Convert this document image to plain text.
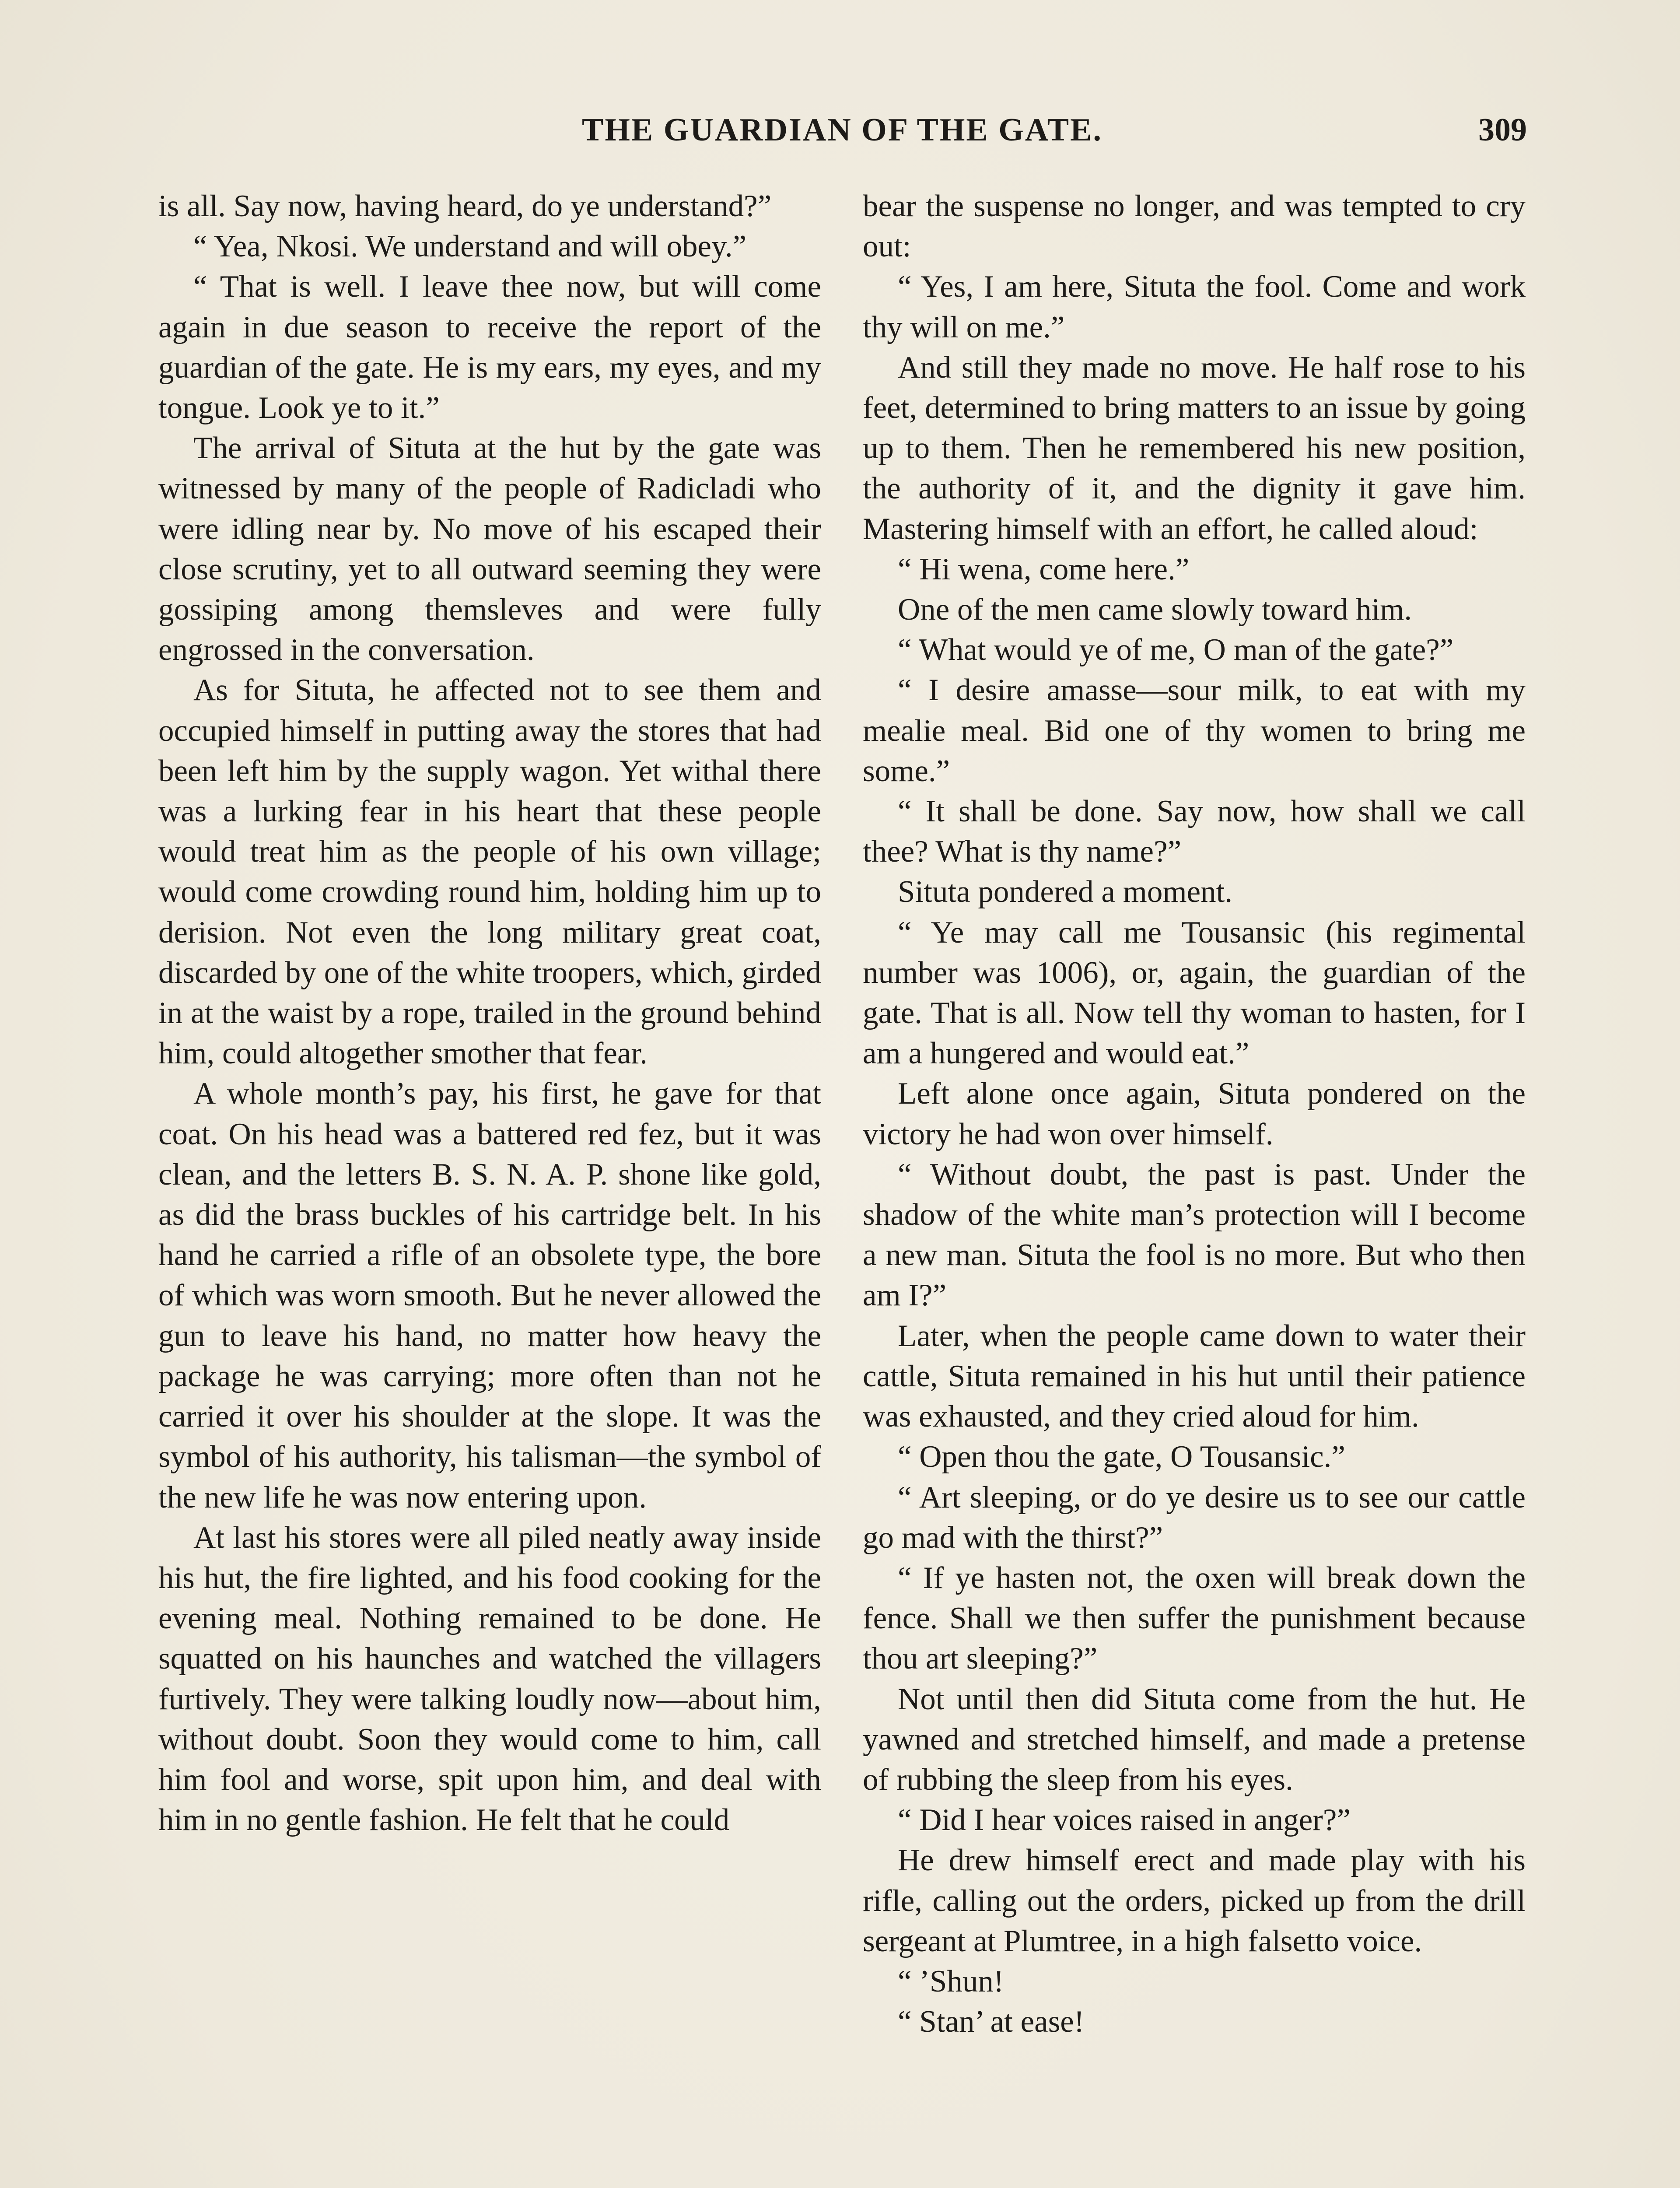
THE GUARDIAN OF THE GATE.	309

is all. Say now, having heard, do ye understand?”

“ Yea, Nkosi. We understand and will obey.”

“ That is well. I leave thee now, but will come again in due season to receive the report of the guardian of the gate. He is my ears, my eyes, and my tongue. Look ye to it.”

The arrival of Situta at the hut by the gate was witnessed by many of the people of Radicladi who were idling near by. No move of his escaped their close scrutiny, yet to all outward seeming they were gossiping among themsleves and were fully engrossed in the conversation.

As for Situta, he affected not to see them and occupied himself in putting away the stores that had been left him by the supply wagon. Yet withal there was a lurking fear in his heart that these people would treat him as the people of his own village; would come crowding round him, holding him up to derision. Not even the long military great coat, discarded by one of the white troopers, which, girded in at the waist by a rope, trailed in the ground behind him, could altogether smother that fear.

A whole month’s pay, his first, he gave for that coat. On his head was a battered red fez, but it was clean, and the letters B. S. N. A. P. shone like gold, as did the brass buckles of his cartridge belt. In his hand he carried a rifle of an obsolete type, the bore of which was worn smooth. But he never allowed the gun to leave his hand, no matter how heavy the package he was carrying; more often than not he carried it over his shoulder at the slope. It was the symbol of his authority, his talisman—the symbol of the new life he was now entering upon.

At last his stores were all piled neatly away inside his hut, the fire lighted, and his food cooking for the evening meal. Nothing remained to be done. He squatted on his haunches and watched the villagers furtively. They were talking loudly now—about him, without doubt. Soon they would come to him, call him fool and worse, spit upon him, and deal with him in no gentle fashion. He felt that he could

bear the suspense no longer, and was tempted to cry out:

“ Yes, I am here, Situta the fool. Come and work thy will on me.”

And still they made no move. He half rose to his feet, determined to bring matters to an issue by going up to them. Then he remembered his new position, the authority of it, and the dignity it gave him. Mastering himself with an effort, he called aloud:

“ Hi wena, come here.”

One of the men came slowly toward him.

“ What would ye of me, O man of the gate?”

“ I desire amasse—sour milk, to eat with my mealie meal. Bid one of thy women to bring me some.”

“ It shall be done. Say now, how shall we call thee? What is thy name?”

Situta pondered a moment.

“ Ye may call me Tousansic (his regimental number was 1006), or, again, the guardian of the gate. That is all. Now tell thy woman to hasten, for I am a hungered and would eat.”

Left alone once again, Situta pondered on the victory he had won over himself.

“ Without doubt, the past is past. Under the shadow of the white man’s protection will I become a new man. Situta the fool is no more. But who then am I?”

Later, when the people came down to water their cattle, Situta remained in his hut until their patience was exhausted, and they cried aloud for him.

“ Open thou the gate, O Tousansic.”

“ Art sleeping, or do ye desire us to see our cattle go mad with the thirst?”

“ If ye hasten not, the oxen will break down the fence. Shall we then suffer the punishment because thou art sleeping?”

Not until then did Situta come from the hut. He yawned and stretched himself, and made a pretense of rubbing the sleep from his eyes.

“ Did I hear voices raised in anger?”

He drew himself erect and made play with his rifle, calling out the orders, picked up from the drill sergeant at Plumtree, in a high falsetto voice.

“ ’Shun!

“ Stan’ at ease!
